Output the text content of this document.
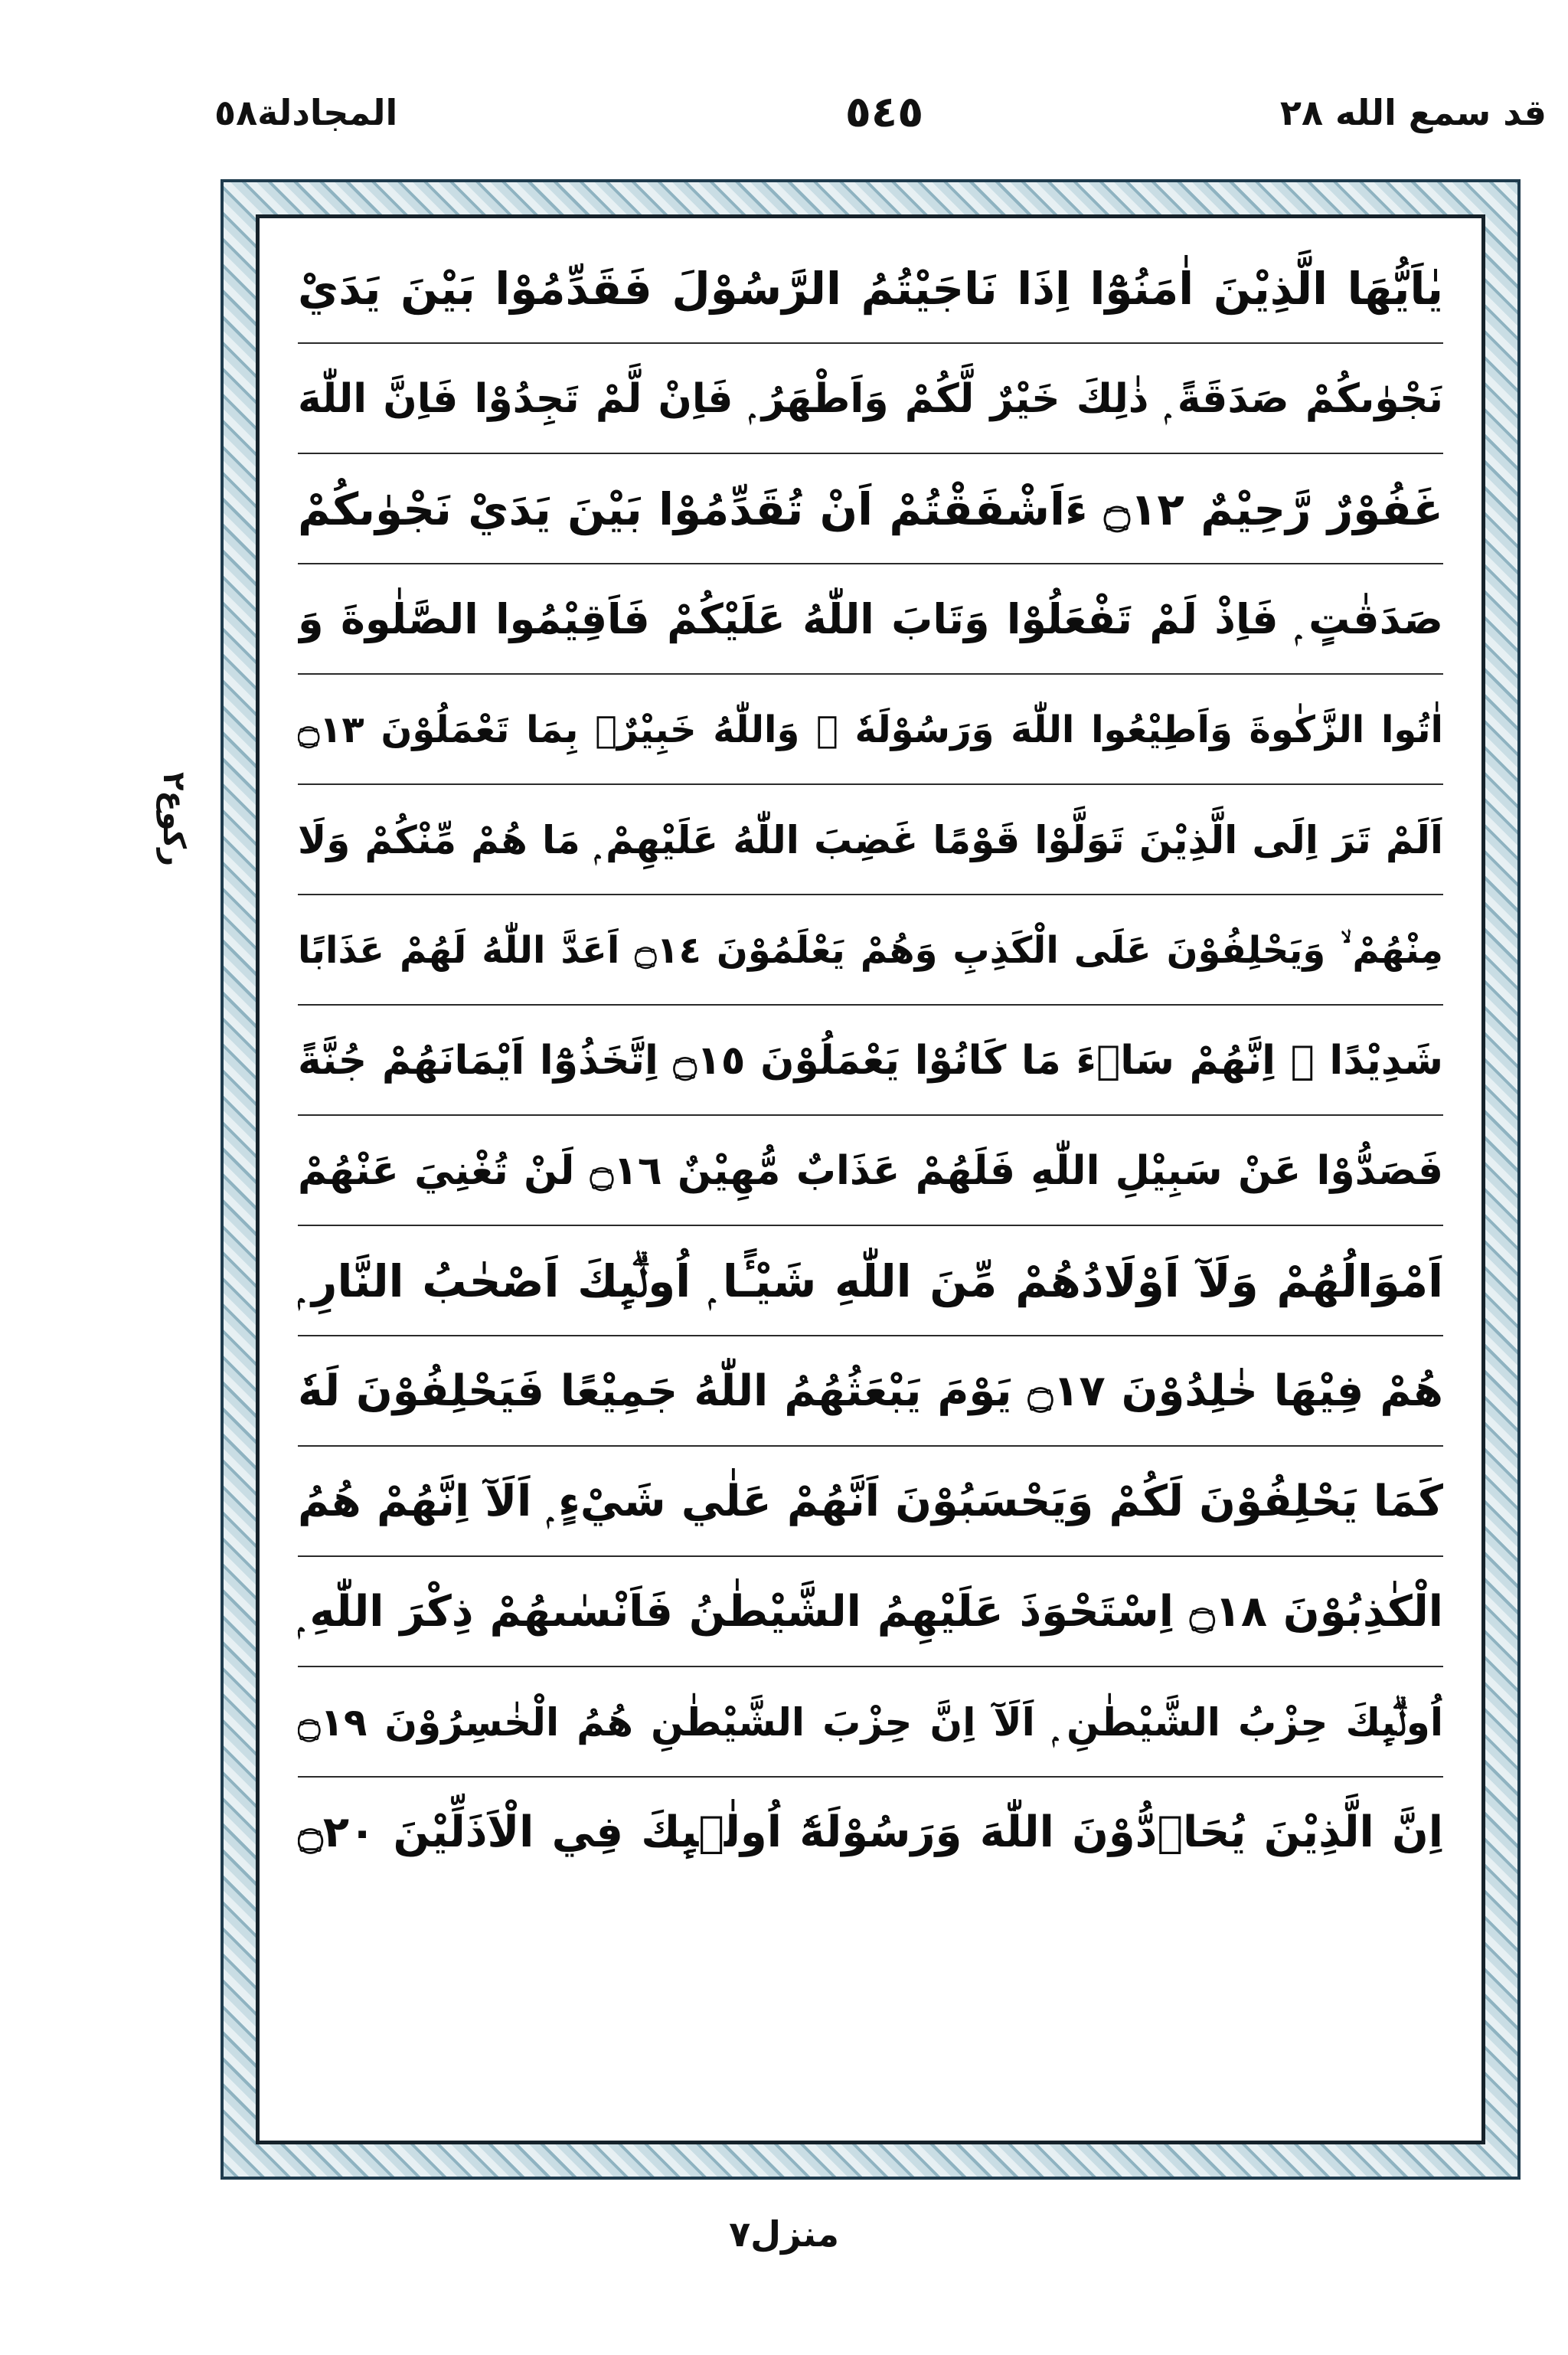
قد سمع الله ٢٨
٥٤٥
المجادلة٥٨
ركوع٢
يٰاَيُّهَا الَّذِيْنَ اٰمَنُوْٓا اِذَا نَاجَيْتُمُ الرَّسُوْلَ فَقَدِّمُوْا بَيْنَ يَدَيْ
نَجْوٰىكُمْ صَدَقَةً ۭ ذٰلِكَ خَيْرٌ لَّكُمْ وَاَطْهَرُ ۭ فَاِنْ لَّمْ تَجِدُوْا فَاِنَّ اللّٰهَ
غَفُوْرٌ رَّحِيْمٌ ۝١٢ ءَاَشْفَقْتُمْ اَنْ تُقَدِّمُوْا بَيْنَ يَدَيْ نَجْوٰىكُمْ
صَدَقٰتٍ ۭ فَاِذْ لَمْ تَفْعَلُوْا وَتَابَ اللّٰهُ عَلَيْكُمْ فَاَقِيْمُوا الصَّلٰوةَ وَ
اٰتُوا الزَّكٰوةَ وَاَطِيْعُوا اللّٰهَ وَرَسُوْلَهٗ ۭ وَاللّٰهُ خَبِيْرٌۢ بِمَا تَعْمَلُوْنَ ۝١٣
اَلَمْ تَرَ اِلَى الَّذِيْنَ تَوَلَّوْا قَوْمًا غَضِبَ اللّٰهُ عَلَيْهِمْ ۭ مَا هُمْ مِّنْكُمْ وَلَا
مِنْهُمْ ۙ وَيَحْلِفُوْنَ عَلَى الْكَذِبِ وَهُمْ يَعْلَمُوْنَ ۝١٤ اَعَدَّ اللّٰهُ لَهُمْ عَذَابًا
شَدِيْدًا ۭ اِنَّهُمْ سَاۗءَ مَا كَانُوْا يَعْمَلُوْنَ ۝١٥ اِتَّخَذُوْٓا اَيْمَانَهُمْ جُنَّةً
فَصَدُّوْا عَنْ سَبِيْلِ اللّٰهِ فَلَهُمْ عَذَابٌ مُّهِيْنٌ ۝١٦ لَنْ تُغْنِيَ عَنْهُمْ
اَمْوَالُهُمْ وَلَآ اَوْلَادُهُمْ مِّنَ اللّٰهِ شَيْـًٔا ۭ اُولٰۗىِٕكَ اَصْحٰبُ النَّارِ ۭ
هُمْ فِيْهَا خٰلِدُوْنَ ۝١٧ يَوْمَ يَبْعَثُهُمُ اللّٰهُ جَمِيْعًا فَيَحْلِفُوْنَ لَهٗ
كَمَا يَحْلِفُوْنَ لَكُمْ وَيَحْسَبُوْنَ اَنَّهُمْ عَلٰي شَيْءٍ ۭ اَلَآ اِنَّهُمْ هُمُ
الْكٰذِبُوْنَ ۝١٨ اِسْتَحْوَذَ عَلَيْهِمُ الشَّيْطٰنُ فَاَنْسٰىهُمْ ذِكْرَ اللّٰهِ ۭ
اُولٰۗىِٕكَ حِزْبُ الشَّيْطٰنِ ۭ اَلَآ اِنَّ حِزْبَ الشَّيْطٰنِ هُمُ الْخٰسِرُوْنَ ۝١٩
اِنَّ الَّذِيْنَ يُحَاۗدُّوْنَ اللّٰهَ وَرَسُوْلَهٗٓ اُولٰۗىِٕكَ فِي الْاَذَلِّيْنَ ۝٢٠
منزل٧
